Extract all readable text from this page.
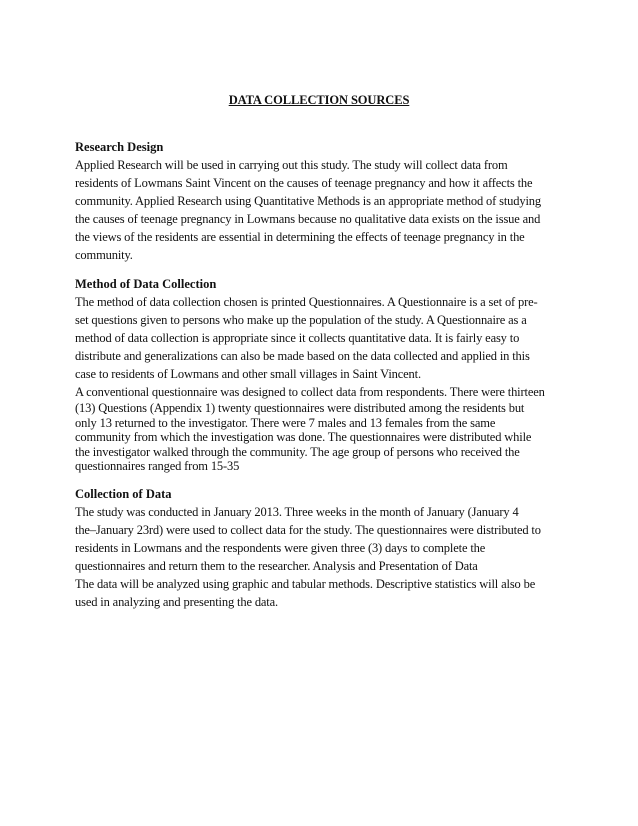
DATA COLLECTION SOURCES
Research Design
Applied Research will be used in carrying out this study. The study will collect data from
residents of Lowmans Saint Vincent on the causes of teenage pregnancy and how it affects the
community. Applied Research using Quantitative Methods is an appropriate method of studying
the causes of teenage pregnancy in Lowmans because no qualitative data exists on the issue and
the views of the residents are essential in determining the effects of teenage pregnancy in the
community.
Method of Data Collection
The method of data collection chosen is printed Questionnaires. A Questionnaire is a set of pre-
set questions given to persons who make up the population of the study. A Questionnaire as a
method of data collection is appropriate since it collects quantitative data. It is fairly easy to
distribute and generalizations can also be made based on the data collected and applied in this
case to residents of Lowmans and other small villages in Saint Vincent.
A conventional questionnaire was designed to collect data from respondents. There were thirteen
(13) Questions (Appendix 1) twenty questionnaires were distributed among the residents but
only 13 returned to the investigator. There were 7 males and 13 females from the same
community from which the investigation was done. The questionnaires were distributed while
the investigator walked through the community. The age group of persons who received the
questionnaires ranged from 15-35
Collection of Data
The study was conducted in January 2013. Three weeks in the month of January (January 4
the–January 23rd) were used to collect data for the study. The questionnaires were distributed to
residents in Lowmans and the respondents were given three (3) days to complete the
questionnaires and return them to the researcher. Analysis and Presentation of Data
The data will be analyzed using graphic and tabular methods. Descriptive statistics will also be
used in analyzing and presenting the data.
